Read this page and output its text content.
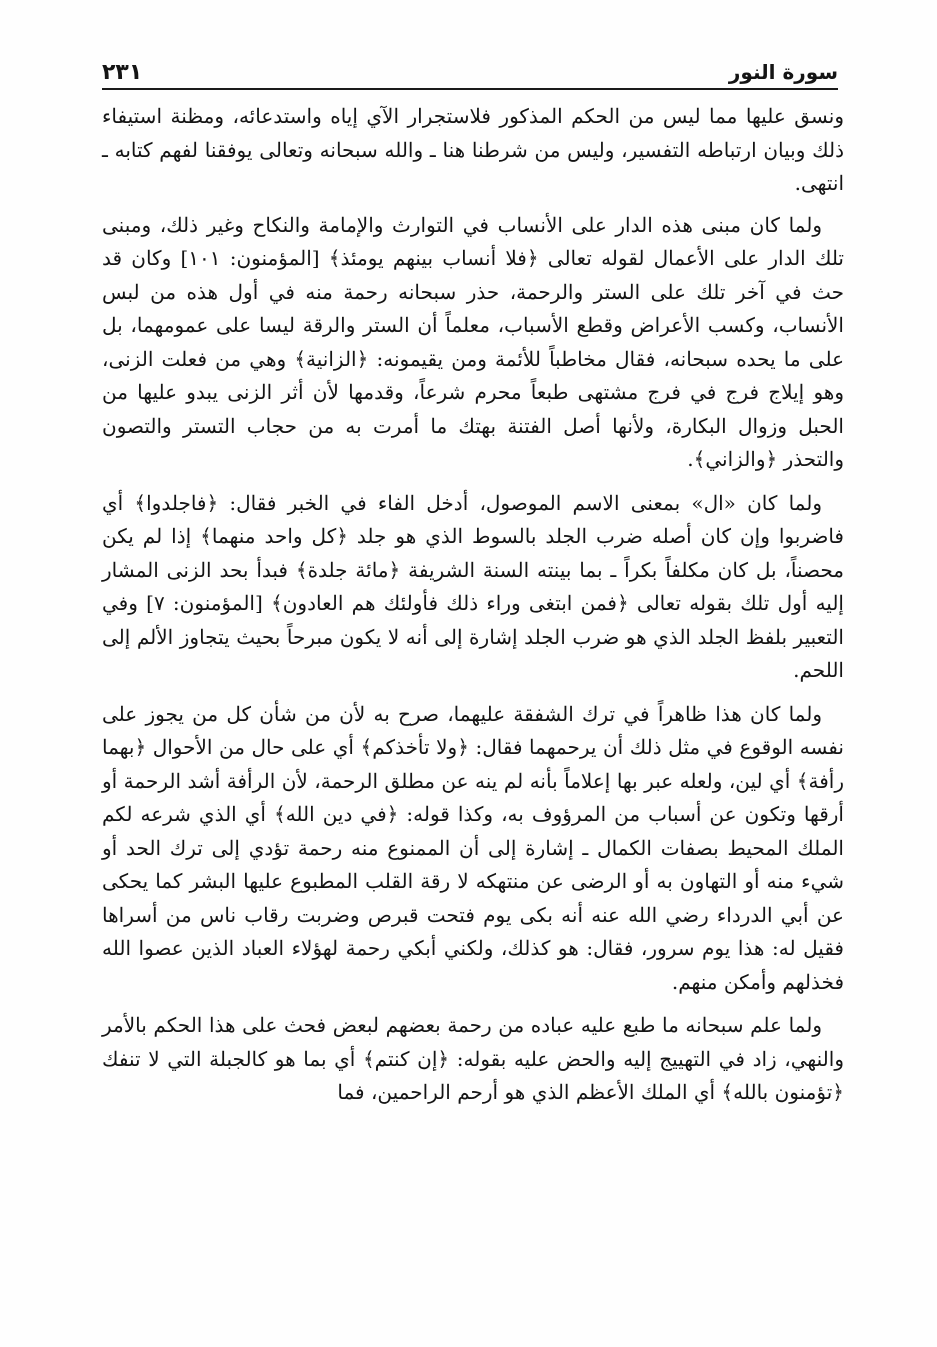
سورة النور
٢٣١

ونسق عليها مما ليس من الحكم المذكور فلاستجرار الآي إياه واستدعائه، ومظنة استيفاء ذلك وبيان ارتباطه التفسير، وليس من شرطنا هنا ـ والله سبحانه وتعالى يوفقنا لفهم كتابه ـ انتهى.

ولما كان مبنى هذه الدار على الأنساب في التوارث والإمامة والنكاح وغير ذلك، ومبنى تلك الدار على الأعمال لقوله تعالى ﴿فلا أنساب بينهم يومئذ﴾ [المؤمنون: ١٠١] وكان قد حث في آخر تلك على الستر والرحمة، حذر سبحانه رحمة منه في أول هذه من لبس الأنساب، وكسب الأعراض وقطع الأسباب، معلماً أن الستر والرقة ليسا على عمومهما، بل على ما يحده سبحانه، فقال مخاطباً للأئمة ومن يقيمونه: ﴿الزانية﴾ وهي من فعلت الزنى، وهو إيلاج فرج في فرج مشتهى طبعاً محرم شرعاً، وقدمها لأن أثر الزنى يبدو عليها من الحبل وزوال البكارة، ولأنها أصل الفتنة بهتك ما أمرت به من حجاب التستر والتصون والتحذر ﴿والزاني﴾.

ولما كان «ال» بمعنى الاسم الموصول، أدخل الفاء في الخبر فقال: ﴿فاجلدوا﴾ أي فاضربوا وإن كان أصله ضرب الجلد بالسوط الذي هو جلد ﴿كل واحد منهما﴾ إذا لم يكن محصناً، بل كان مكلفاً بكراً ـ بما بينته السنة الشريفة ﴿مائة جلدة﴾ فبدأ بحد الزنى المشار إليه أول تلك بقوله تعالى ﴿فمن ابتغى وراء ذلك فأولئك هم العادون﴾ [المؤمنون: ٧] وفي التعبير بلفظ الجلد الذي هو ضرب الجلد إشارة إلى أنه لا يكون مبرحاً بحيث يتجاوز الألم إلى اللحم.

ولما كان هذا ظاهراً في ترك الشفقة عليهما، صرح به لأن من شأن كل من يجوز على نفسه الوقوع في مثل ذلك أن يرحمهما فقال: ﴿ولا تأخذكم﴾ أي على حال من الأحوال ﴿بهما رأفة﴾ أي لين، ولعله عبر بها إعلاماً بأنه لم ينه عن مطلق الرحمة، لأن الرأفة أشد الرحمة أو أرقها وتكون عن أسباب من المرؤوف به، وكذا قوله: ﴿في دين الله﴾ أي الذي شرعه لكم الملك المحيط بصفات الكمال ـ إشارة إلى أن الممنوع منه رحمة تؤدي إلى ترك الحد أو شيء منه أو التهاون به أو الرضى عن منتهكه لا رقة القلب المطبوع عليها البشر كما يحكى عن أبي الدرداء رضي الله عنه أنه بكى يوم فتحت قبرص وضربت رقاب ناس من أسراها فقيل له: هذا يوم سرور، فقال: هو كذلك، ولكني أبكي رحمة لهؤلاء العباد الذين عصوا الله فخذلهم وأمكن منهم.

ولما علم سبحانه ما طبع عليه عباده من رحمة بعضهم لبعض فحث على هذا الحكم بالأمر والنهي، زاد في التهييج إليه والحض عليه بقوله: ﴿إن كنتم﴾ أي بما هو كالجبلة التي لا تنفك ﴿تؤمنون بالله﴾ أي الملك الأعظم الذي هو أرحم الراحمين، فما
